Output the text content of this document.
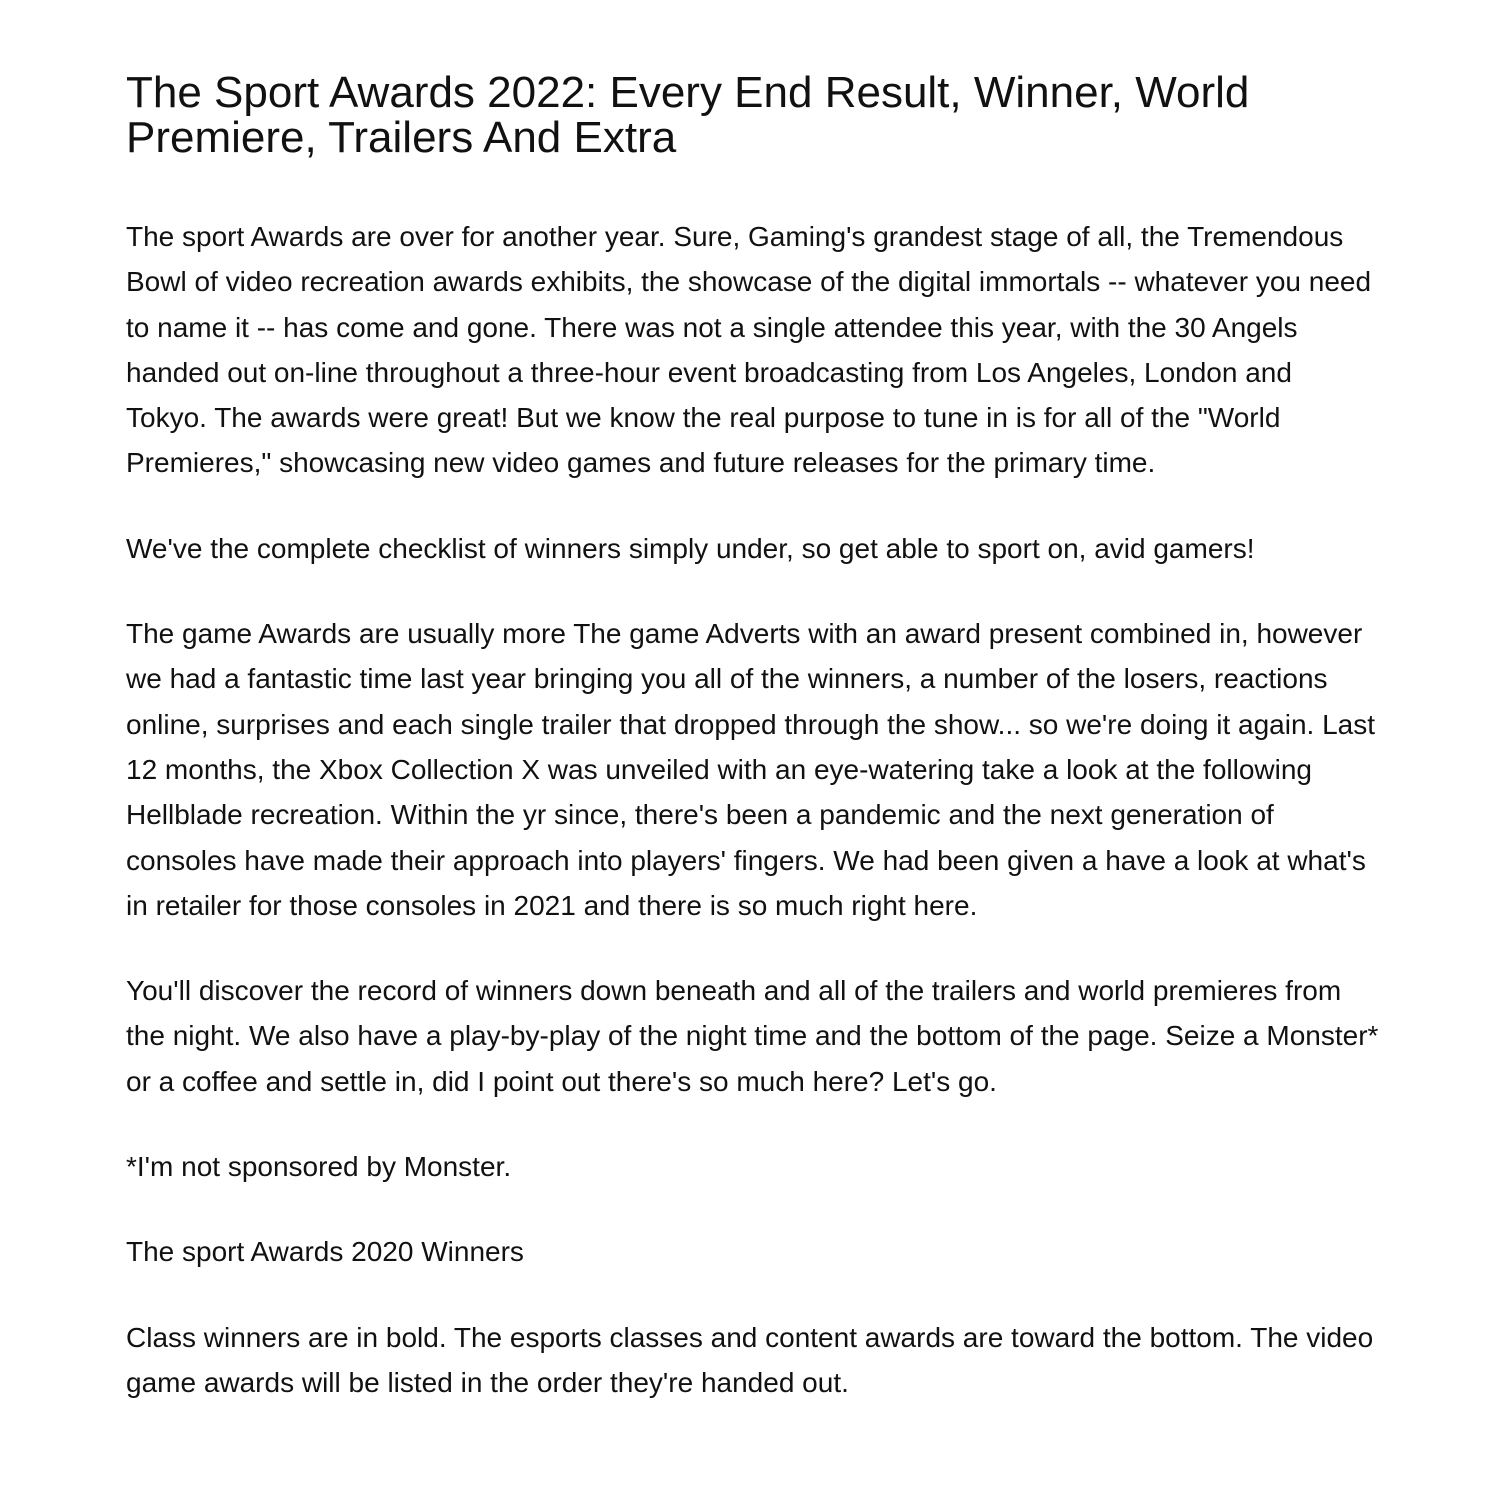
The Sport Awards 2022: Every End Result, Winner, World Premiere, Trailers And Extra

The sport Awards are over for another year. Sure, Gaming's grandest stage of all, the Tremendous Bowl of video recreation awards exhibits, the showcase of the digital immortals -- whatever you need to name it -- has come and gone. There was not a single attendee this year, with the 30 Angels handed out on-line throughout a three-hour event broadcasting from Los Angeles, London and Tokyo. The awards were great! But we know the real purpose to tune in is for all of the "World Premieres," showcasing new video games and future releases for the primary time.

We've the complete checklist of winners simply under, so get able to sport on, avid gamers!

The game Awards are usually more The game Adverts with an award present combined in, however we had a fantastic time last year bringing you all of the winners, a number of the losers, reactions online, surprises and each single trailer that dropped through the show... so we're doing it again. Last 12 months, the Xbox Collection X was unveiled with an eye-watering take a look at the following Hellblade recreation. Within the yr since, there's been a pandemic and the next generation of consoles have made their approach into players' fingers. We had been given a have a look at what's in retailer for those consoles in 2021 and there is so much right here.

You'll discover the record of winners down beneath and all of the trailers and world premieres from the night. We also have a play-by-play of the night time and the bottom of the page. Seize a Monster* or a coffee and settle in, did I point out there's so much here? Let's go.

*I'm not sponsored by Monster.

The sport Awards 2020 Winners

Class winners are in bold. The esports classes and content awards are toward the bottom. The video game awards will be listed in the order they're handed out.
